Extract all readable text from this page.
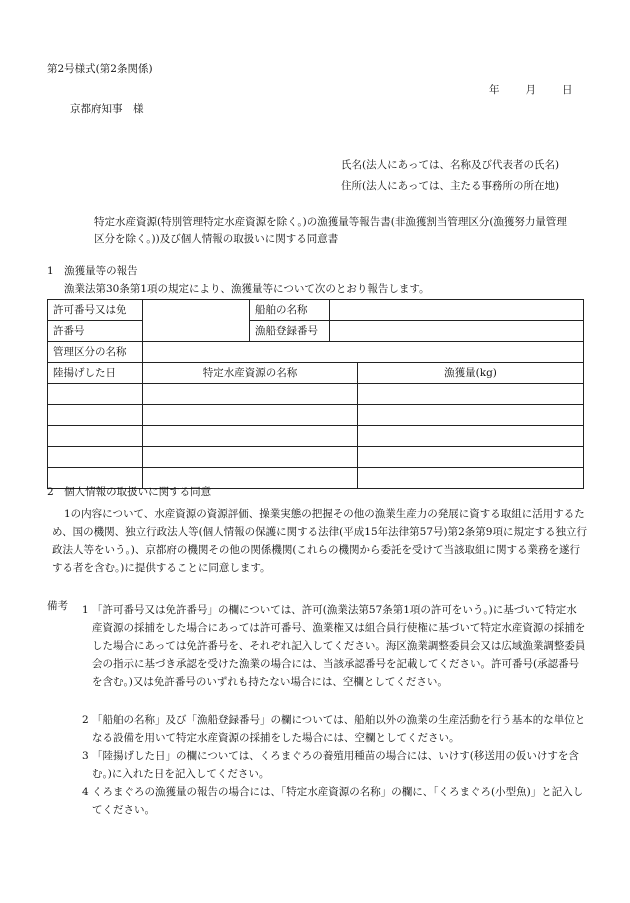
第2号様式(第2条関係)
年 月 日
京都府知事　様
氏名(法人にあっては、名称及び代表者の氏名)
住所(法人にあっては、主たる事務所の所在地)
特定水産資源(特別管理特定水産資源を除く。)の漁獲量等報告書(非漁獲割当管理区分(漁獲努力量管理区分を除く。))及び個人情報の取扱いに関する同意書
1　漁獲量等の報告
漁業法第30条第1項の規定により、漁獲量等について次のとおり報告します。
許可番号又は免		船舶の名称		
許番号		漁船登録番号		
管理区分の名称				
陸揚げした日	特定水産資源の名称			漁獲量(kg)

2　個人情報の取扱いに関する同意
1の内容について、水産資源の資源評価、操業実態の把握その他の漁業生産力の発展に資する取組に活用するため、国の機関、独立行政法人等(個人情報の保護に関する法律(平成15年法律第57号)第2条第9項に規定する独立行政法人等をいう。)、京都府の機関その他の関係機関(これらの機関から委託を受けて当該取組に関する業務を遂行する者を含む。)に提供することに同意します。
備考 1 「許可番号又は免許番号」の欄については、許可(漁業法第57条第1項の許可をいう。)に基づいて特定水産資源の採捕をした場合にあっては許可番号、漁業権又は組合員行使権に基づいて特定水産資源の採捕をした場合にあっては免許番号を、それぞれ記入してください。海区漁業調整委員会又は広域漁業調整委員会の指示に基づき承認を受けた漁業の場合には、当該承認番号を記載してください。許可番号(承認番号を含む。)又は免許番号のいずれも持たない場合には、空欄としてください。
2 「船舶の名称」及び「漁船登録番号」の欄については、船舶以外の漁業の生産活動を行う基本的な単位となる設備を用いて特定水産資源の採捕をした場合には、空欄としてください。
3 「陸揚げした日」の欄については、くろまぐろの養殖用種苗の場合には、いけす(移送用の仮いけすを含む。)に入れた日を記入してください。
4 くろまぐろの漁獲量の報告の場合には、「特定水産資源の名称」の欄に、「くろまぐろ(小型魚)」と記入してください。
